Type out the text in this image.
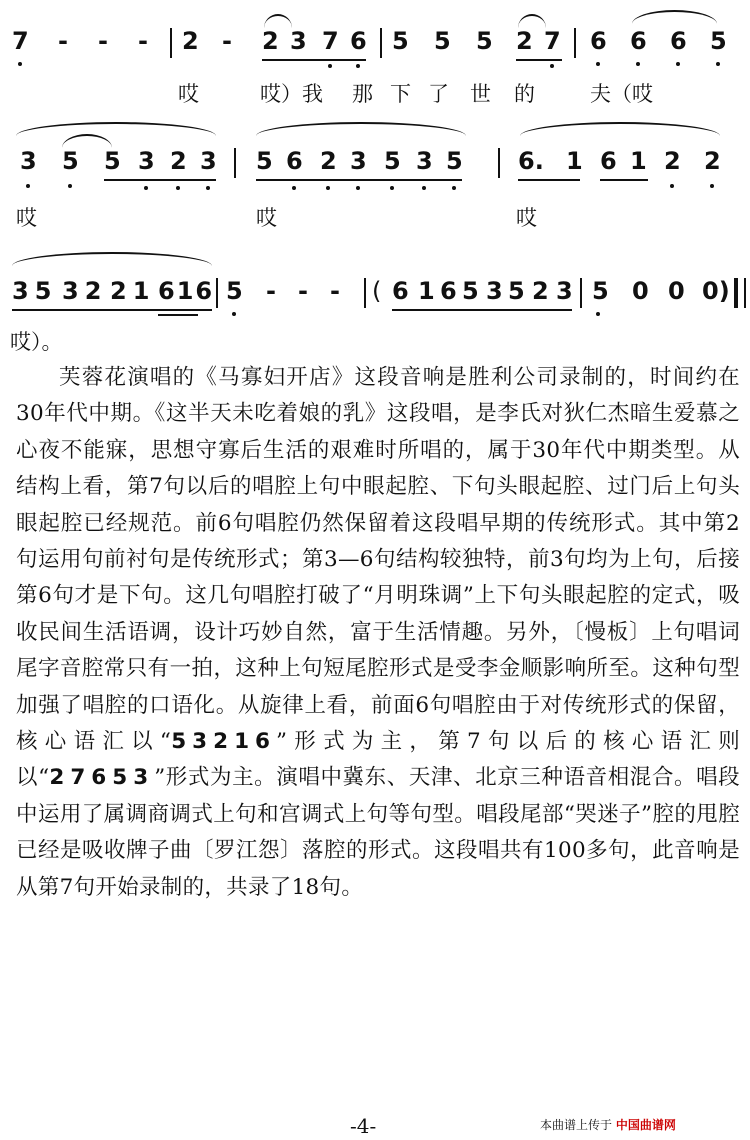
7 - - - 2 - 2 3 7 6 5 5 5 2 7 6 6 6 5
哎	哎）我 那 下 了 世 的	夫（哎
3 5 5 3 2 3 5 6 2 3 5 3 5 6. 1 6 1 2 2
哎	哎	哎
35 32 21 616 5 - - - ( 6 1 6 5 3 5 2 3 5 0 0 0)
哎）。

芙蓉花演唱的《马寡妇开店》这段音响是胜利公司录制的，时间约在30年代中期。《这半天未吃着娘的乳》这段唱，是李氏对狄仁杰暗生爱慕之心夜不能寐，思想守寡后生活的艰难时所唱的，属于30年代中期类型。从结构上看，第7句以后的唱腔上句中眼起腔、下句头眼起腔、过门后上句头眼起腔已经规范。前6句唱腔仍然保留着这段唱早期的传统形式。其中第2句运用句前衬句是传统形式；第3—6句结构较独特，前3句均为上句，后接第6句才是下句。这几句唱腔打破了“月明珠调”上下句头眼起腔的定式，吸收民间生活语调，设计巧妙自然，富于生活情趣。另外，〔慢板〕上句唱词尾字音腔常只有一拍，这种上句短尾腔形式是受李金顺影响所至。这种句型加强了唱腔的口语化。从旋律上看，前面6句唱腔由于对传统形式的保留，核心语汇以“53216”形式为主，第7句以后的核心语汇则以“27653”形式为主。演唱中冀东、天津、北京三种语音相混合。唱段中运用了属调商调式上句和宫调式上句等句型。唱段尾部“哭迷子”腔的甩腔已经是吸收牌子曲〔罗江怨〕落腔的形式。这段唱共有100多句，此音响是从第7句开始录制的，共录了18句。

-4-	本曲谱上传于 中国曲谱网
